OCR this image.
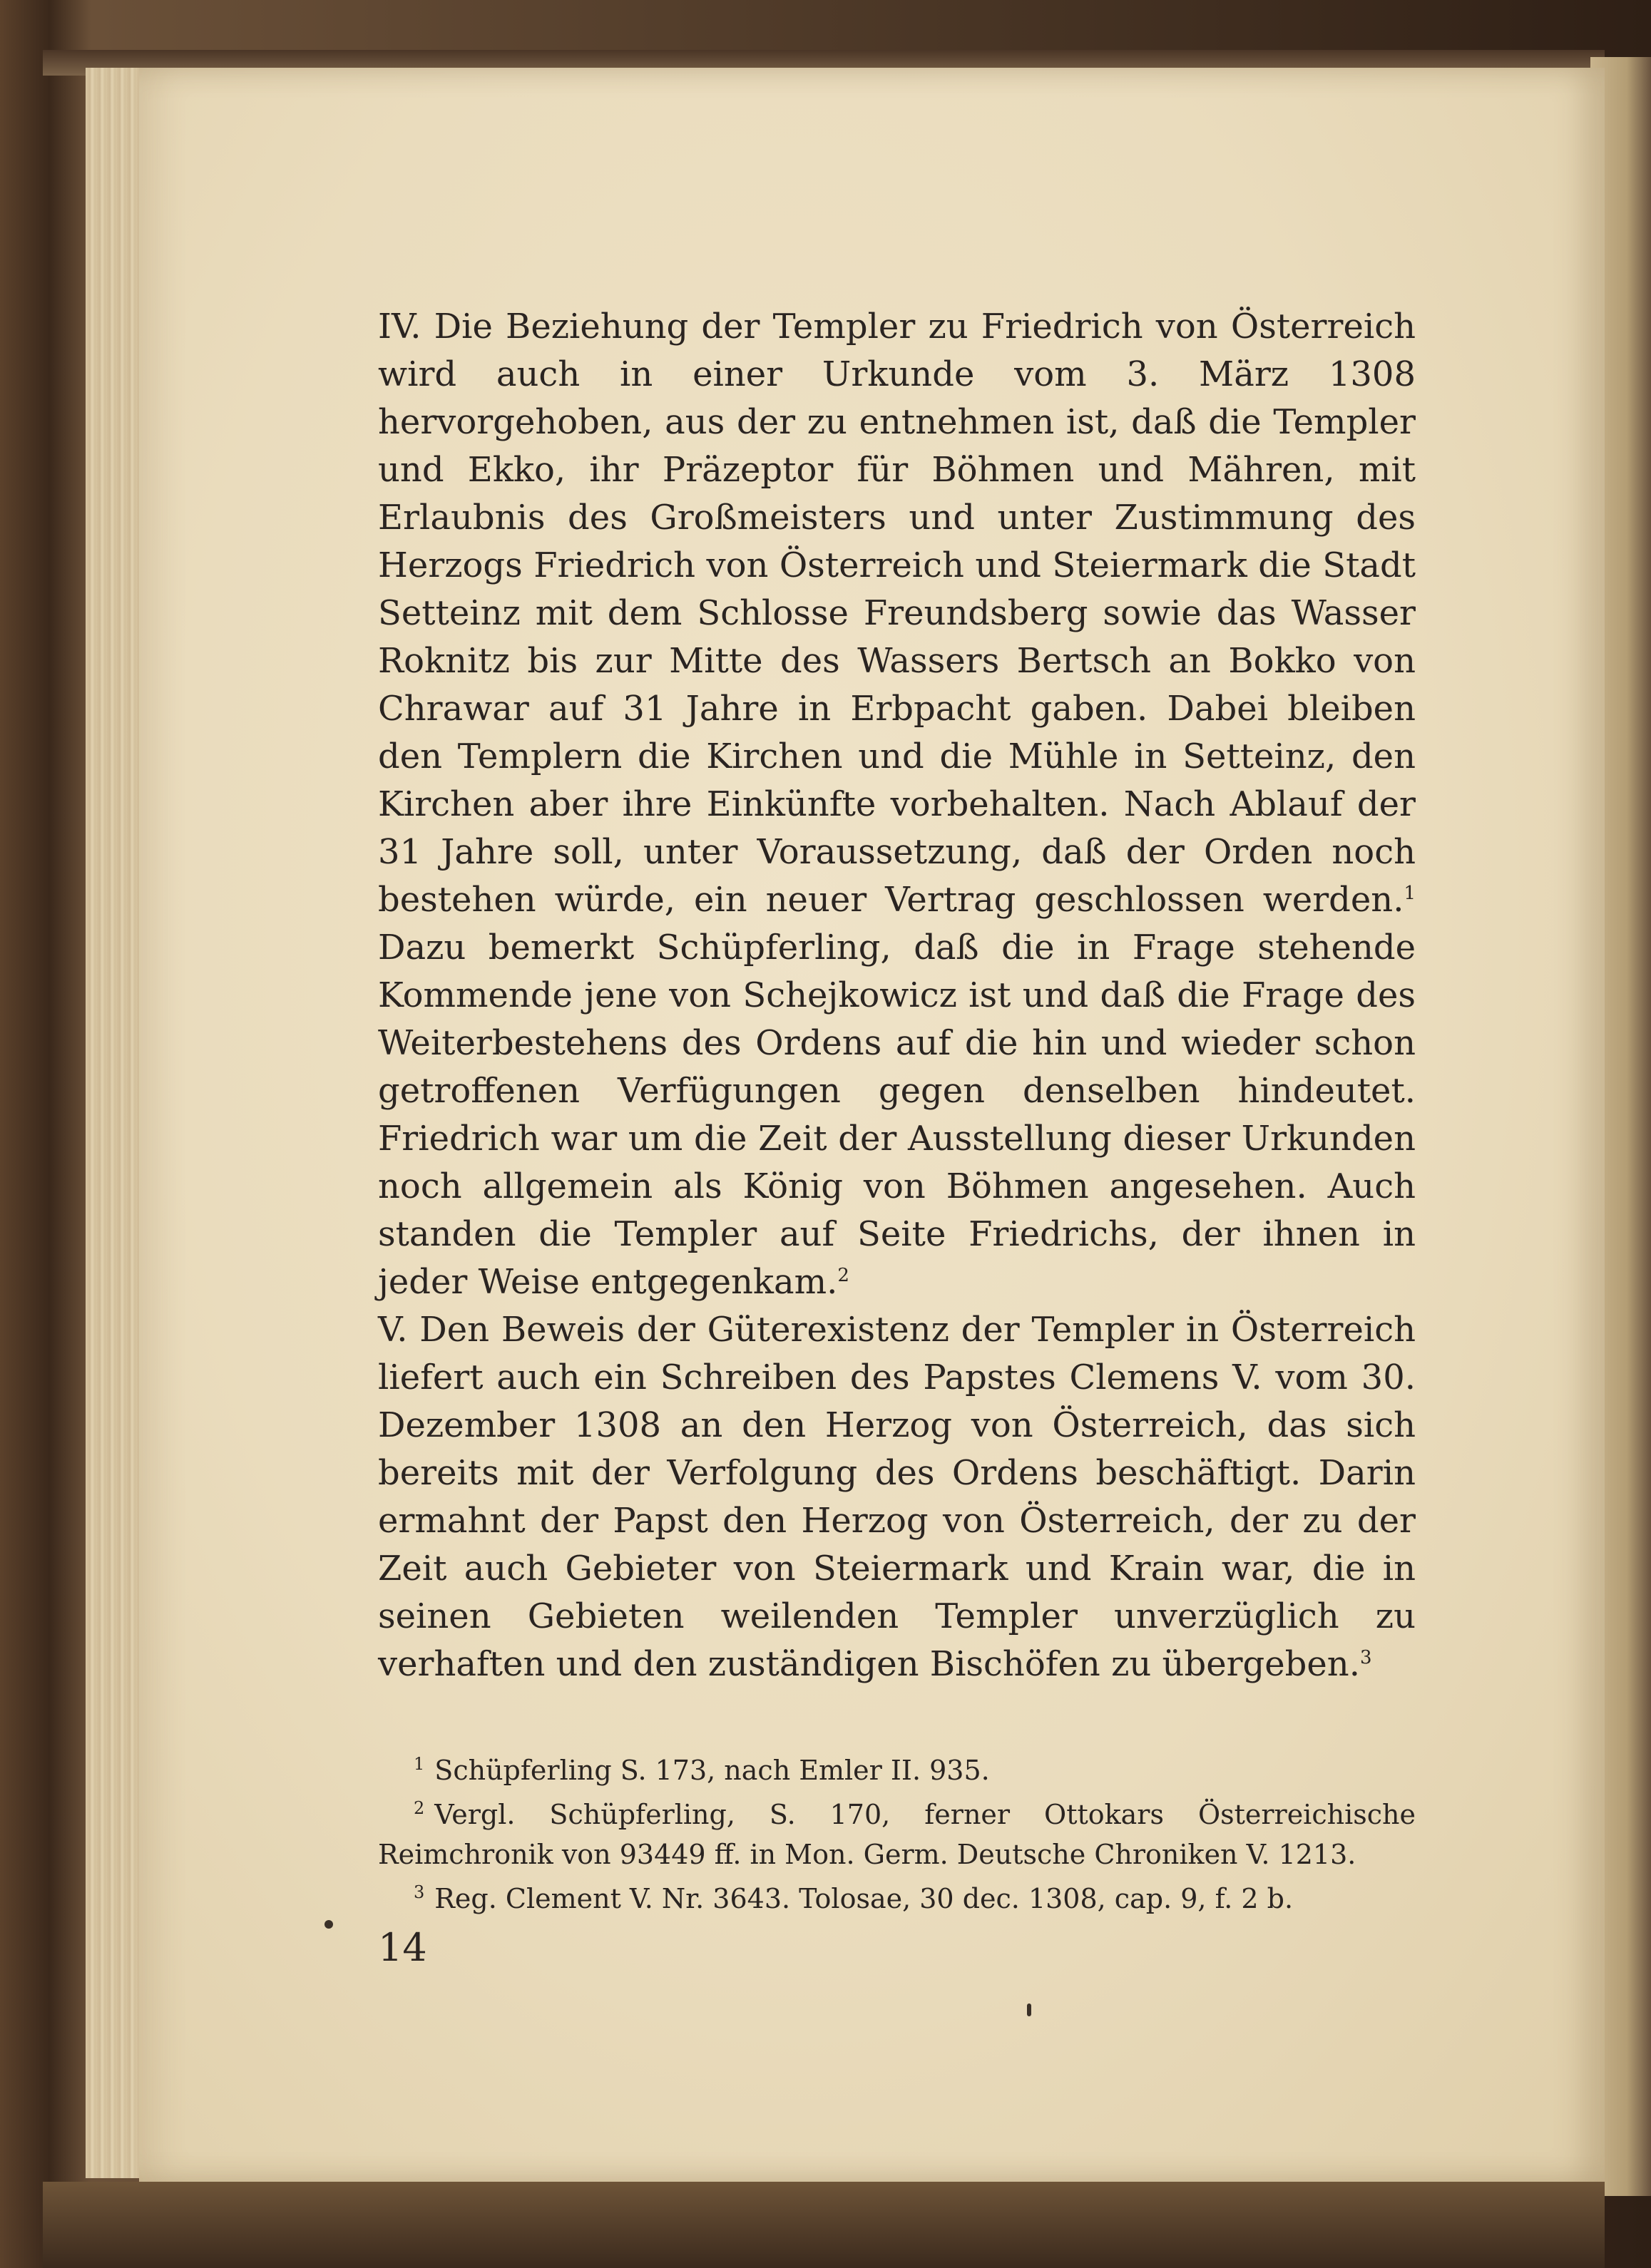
IV. Die Beziehung der Templer zu Friedrich von Österreich wird auch in einer Urkunde vom 3. März 1308 hervorgehoben, aus der zu entnehmen ist, daß die Templer und Ekko, ihr Präzeptor für Böhmen und Mähren, mit Erlaubnis des Großmeisters und unter Zustimmung des Herzogs Friedrich von Österreich und Steiermark die Stadt Setteinz mit dem Schlosse Freundsberg sowie das Wasser Roknitz bis zur Mitte des Wassers Bertsch an Bokko von Chrawar auf 31 Jahre in Erbpacht gaben. Dabei bleiben den Templern die Kirchen und die Mühle in Setteinz, den Kirchen aber ihre Einkünfte vorbehalten. Nach Ablauf der 31 Jahre soll, unter Voraussetzung, daß der Orden noch bestehen würde, ein neuer Vertrag geschlossen werden.$^1$ Dazu bemerkt Schüpferling, daß die in Frage stehende Kommende jene von Schejkowicz ist und daß die Frage des Weiterbestehens des Ordens auf die hin und wieder schon getroffenen Verfügungen gegen denselben hindeutet. Friedrich war um die Zeit der Ausstellung dieser Urkunden noch allgemein als König von Böhmen angesehen. Auch standen die Templer auf Seite Friedrichs, der ihnen in jeder Weise entgegenkam.$^2$

V. Den Beweis der Güterexistenz der Templer in Österreich liefert auch ein Schreiben des Papstes Clemens V. vom 30. Dezember 1308 an den Herzog von Österreich, das sich bereits mit der Verfolgung des Ordens beschäftigt. Darin ermahnt der Papst den Herzog von Österreich, der zu der Zeit auch Gebieter von Steiermark und Krain war, die in seinen Gebieten weilenden Templer unverzüglich zu verhaften und den zuständigen Bischöfen zu übergeben.$^3$

$^1$ Schüpferling S. 173, nach Emler II. 935.

$^2$ Vergl. Schüpferling, S. 170, ferner Ottokars Österreichische Reimchronik von 93449 ff. in Mon. Germ. Deutsche Chroniken V. 1213.

$^3$ Reg. Clement V. Nr. 3643. Tolosae, 30 dec. 1308, cap. 9, f. 2 b.

14
